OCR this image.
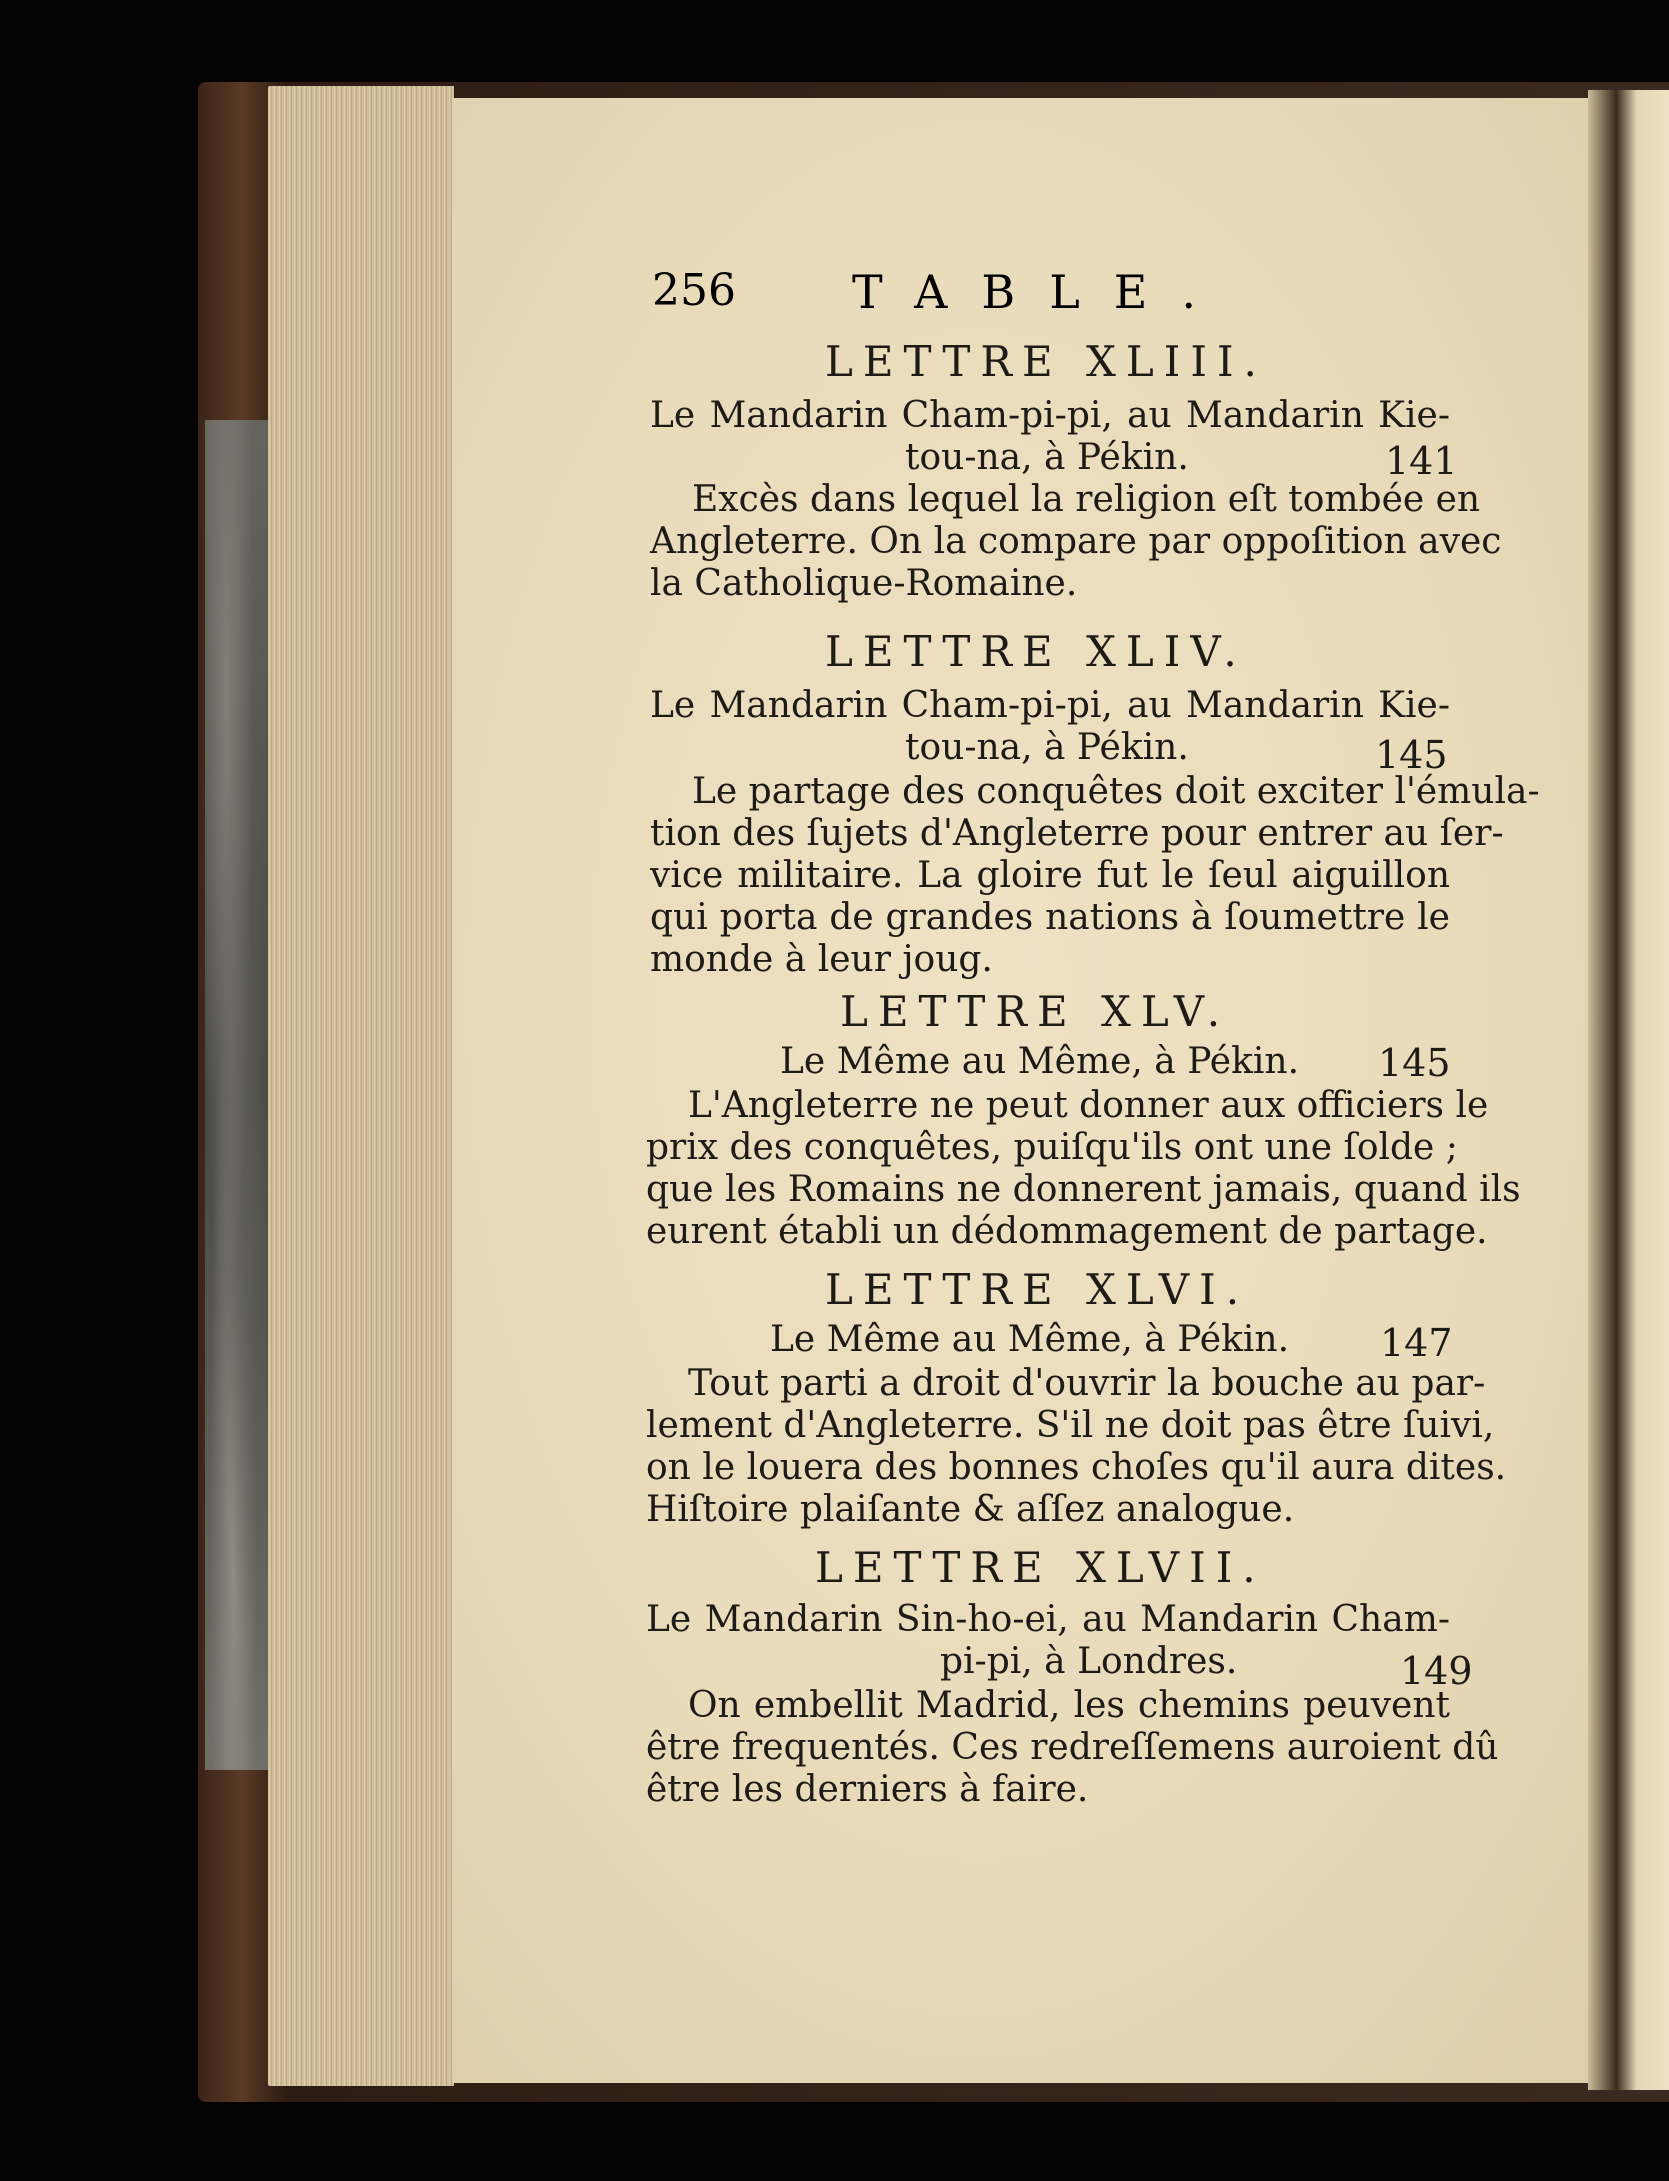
256	TABLE.
LETTRE XLIII.
Le Mandarin Cham-pi-pi, au Mandarin Kie-
tou-na, à Pékin.	141
Excès dans lequel la religion eſt tombée en
Angleterre. On la compare par oppoſition avec
la Catholique-Romaine.
LETTRE XLIV.
Le Mandarin Cham-pi-pi, au Mandarin Kie-
tou-na, à Pékin.	145
Le partage des conquêtes doit exciter l'émula-
tion des ſujets d'Angleterre pour entrer au ſer-
vice militaire. La gloire fut le ſeul aiguillon
qui porta de grandes nations à ſoumettre le
monde à leur joug.
LETTRE XLV.
Le Même au Même, à Pékin. 145
L'Angleterre ne peut donner aux officiers le
prix des conquêtes, puiſqu'ils ont une ſolde ;
que les Romains ne donnerent jamais, quand ils
eurent établi un dédommagement de partage.
LETTRE XLVI.
Le Même au Même, à Pékin. 147
Tout parti a droit d'ouvrir la bouche au par-
lement d'Angleterre. S'il ne doit pas être ſuivi,
on le louera des bonnes choſes qu'il aura dites.
Hiſtoire plaiſante & aſſez analogue.
LETTRE XLVII.
Le Mandarin Sin-ho-ei, au Mandarin Cham-
pi-pi, à Londres.	149
On embellit Madrid, les chemins peuvent
être frequentés. Ces redreſſemens auroient dû
être les derniers à faire.
